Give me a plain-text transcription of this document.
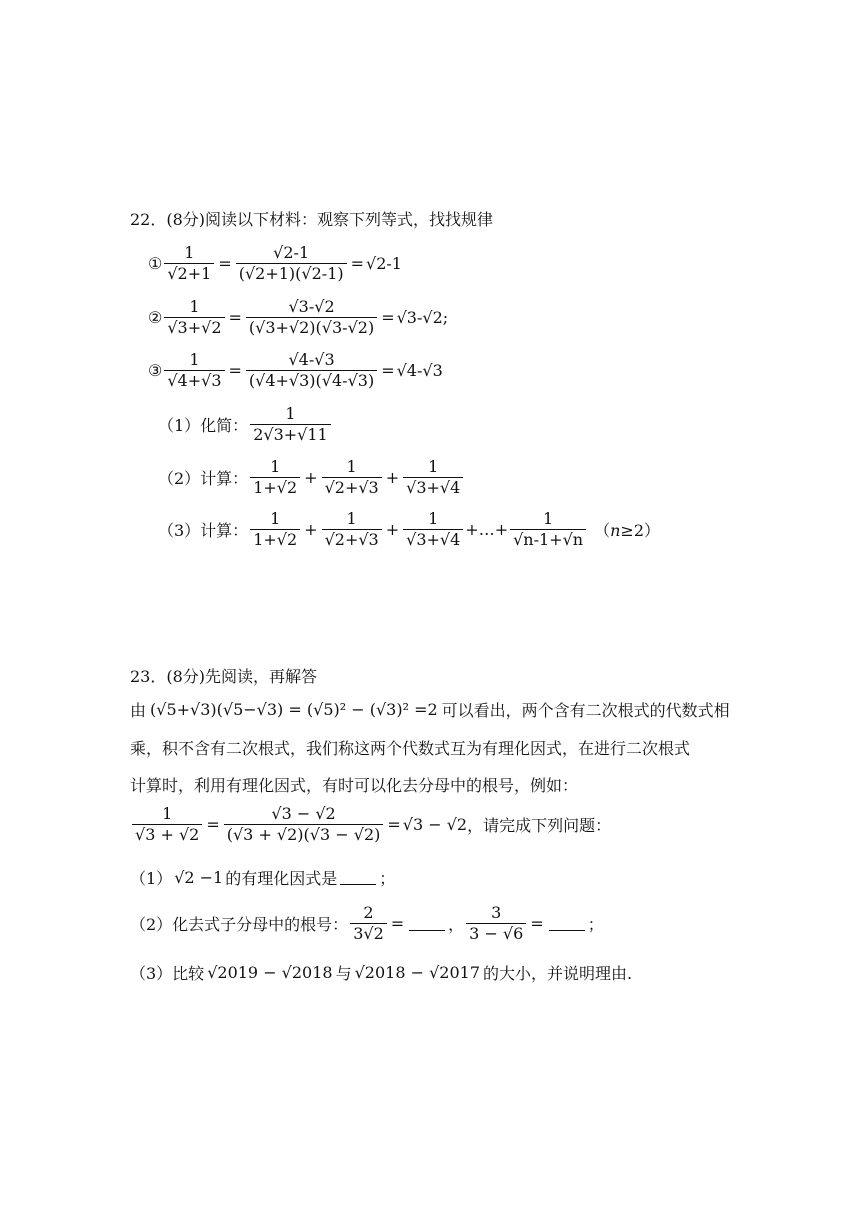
22．(8分)阅读以下材料：观察下列等式，找找规律
① $\frac{1}{√2+1} = \frac{√2-1}{(√2+1)(√2-1)} = √2-1$
② $\frac{1}{√3+√2} = \frac{√3-√2}{(√3+√2)(√3-√2)} = √3-√2$;
③ $\frac{1}{√4+√3} = \frac{√4-√3}{(√4+√3)(√4-√3)} = √4-√3$
（1）化简： $\frac{1}{2√3+√11}$
（2）计算： $\frac{1}{1+√2} + \frac{1}{√2+√3} + \frac{1}{√3+√4}$
（3）计算： $\frac{1}{1+√2} + \frac{1}{√2+√3} + \frac{1}{√3+√4}$ +…+ $\frac{1}{√n-1+√n} (n\ge 2)$
23．(8分)先阅读，再解答
由 (√5+√3)(√5−√3) = (√5)² − (√3)² =2 可以看出，两个含有二次根式的代数式相
乘，积不含有二次根式，我们称这两个代数式互为有理化因式，在进行二次根式
计算时，利用有理化因式，有时可以化去分母中的根号，例如：
$\frac{1}{√3 + √2} = \frac{√3 - √2}{(√3 + √2)(√3 - √2)} = √3 - √2$ ，请完成下列问题：
（1） √2 −1 的有理化因式是	；
（2）化去式子分母中的根号： $\frac{2}{3√2}$ =	， $\frac{3}{3 - √6}$ =	；
（3）比较 √2019 − √2018 与 √2018 − √2017 的大小，并说明理由.
